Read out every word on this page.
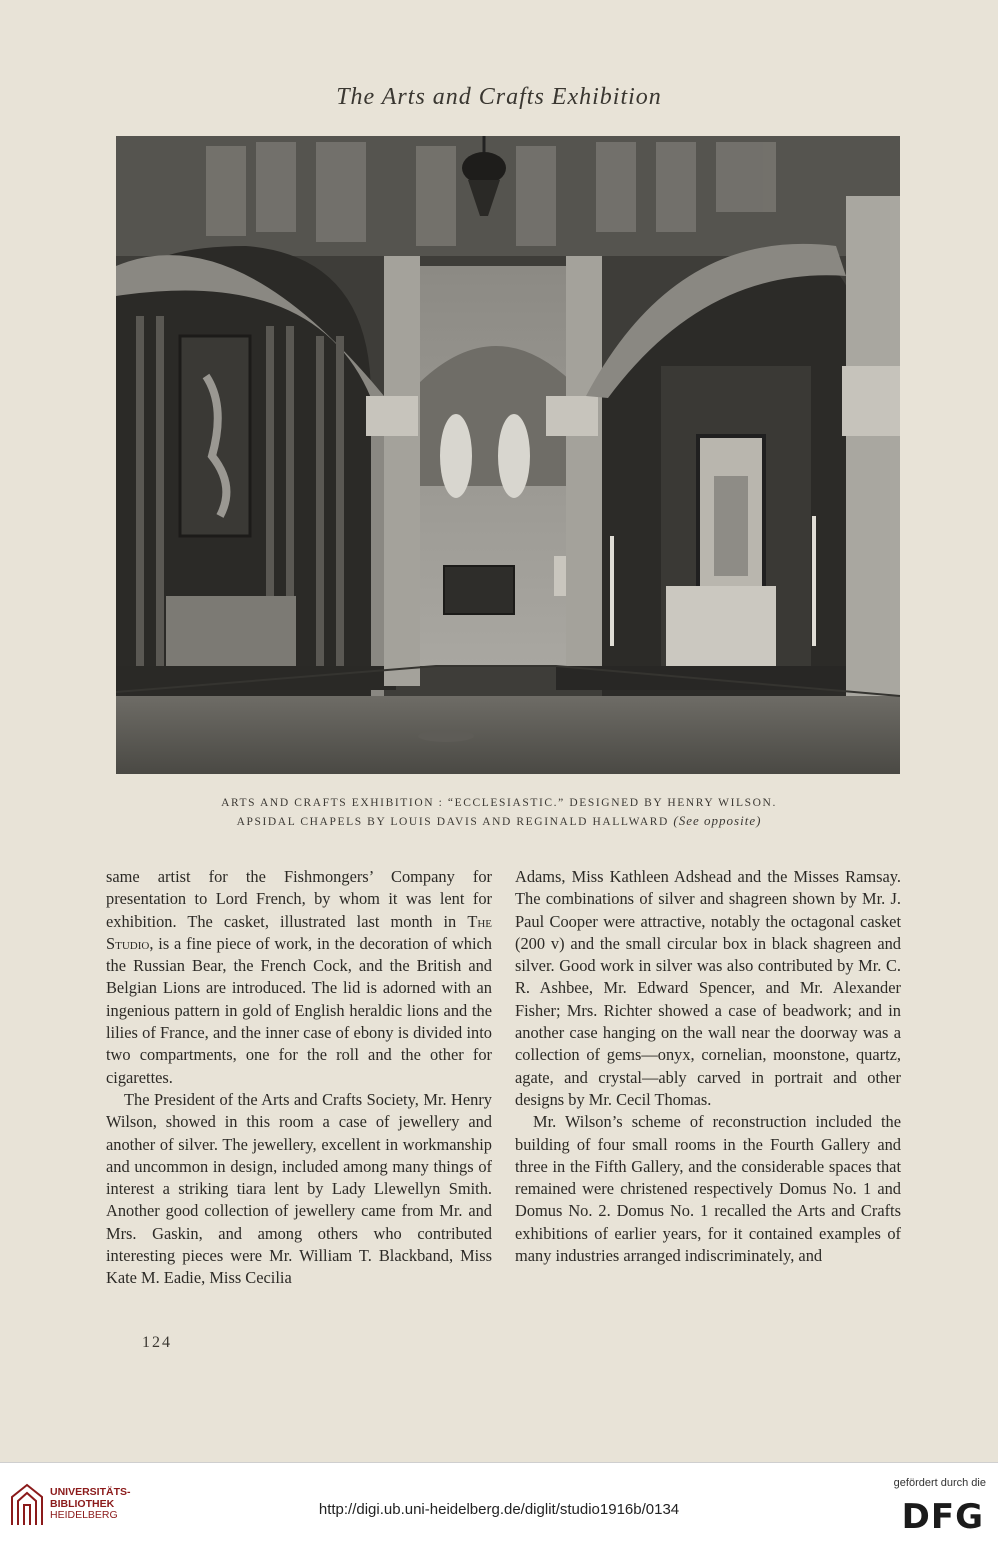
The Arts and Crafts Exhibition
ARTS AND CRAFTS EXHIBITION : “ECCLESIASTIC.” DESIGNED BY HENRY WILSON.
APSIDAL CHAPELS BY LOUIS DAVIS AND REGINALD HALLWARD (See opposite)

same artist for the Fishmongers’ Company for presentation to Lord French, by whom it was lent for exhibition. The casket, illustrated last month in The Studio, is a fine piece of work, in the decoration of which the Russian Bear, the French Cock, and the British and Belgian Lions are introduced. The lid is adorned with an ingenious pattern in gold of English heraldic lions and the lilies of France, and the inner case of ebony is divided into two compartments, one for the roll and the other for cigarettes.

The President of the Arts and Crafts Society, Mr. Henry Wilson, showed in this room a case of jewellery and another of silver. The jewellery, excellent in workmanship and uncommon in design, included among many things of interest a striking tiara lent by Lady Llewellyn Smith. Another good collection of jewellery came from Mr. and Mrs. Gaskin, and among others who contributed interesting pieces were Mr. William T. Blackband, Miss Kate M. Eadie, Miss Cecilia

Adams, Miss Kathleen Adshead and the Misses Ramsay. The combinations of silver and shagreen shown by Mr. J. Paul Cooper were attractive, notably the octagonal casket (200 v) and the small circular box in black shagreen and silver. Good work in silver was also contributed by Mr. C. R. Ashbee, Mr. Edward Spencer, and Mr. Alexander Fisher; Mrs. Richter showed a case of beadwork; and in another case hanging on the wall near the doorway was a collection of gems—onyx, cornelian, moonstone, quartz, agate, and crystal—ably carved in portrait and other designs by Mr. Cecil Thomas.

Mr. Wilson’s scheme of reconstruction included the building of four small rooms in the Fourth Gallery and three in the Fifth Gallery, and the considerable spaces that remained were christened respectively Domus No. 1 and Domus No. 2. Domus No. 1 recalled the Arts and Crafts exhibitions of earlier years, for it contained examples of many industries arranged indiscriminately, and

124
UNIVERSITÄTS-
BIBLIOTHEK
HEIDELBERG	http://digi.ub.uni-heidelberg.de/diglit/studio1916b/0134
gefördert durch die
DFG
